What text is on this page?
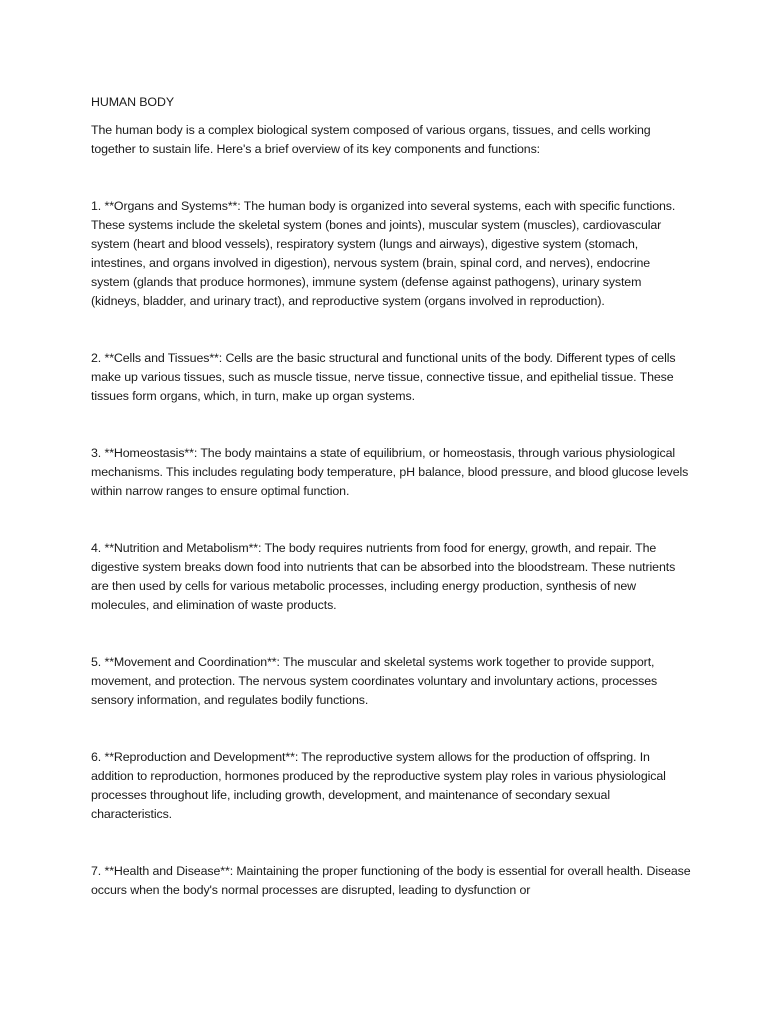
HUMAN BODY

The human body is a complex biological system composed of various organs, tissues, and cells working together to sustain life. Here's a brief overview of its key components and functions:

1. **Organs and Systems**: The human body is organized into several systems, each with specific functions. These systems include the skeletal system (bones and joints), muscular system (muscles), cardiovascular system (heart and blood vessels), respiratory system (lungs and airways), digestive system (stomach, intestines, and organs involved in digestion), nervous system (brain, spinal cord, and nerves), endocrine system (glands that produce hormones), immune system (defense against pathogens), urinary system (kidneys, bladder, and urinary tract), and reproductive system (organs involved in reproduction).

2. **Cells and Tissues**: Cells are the basic structural and functional units of the body. Different types of cells make up various tissues, such as muscle tissue, nerve tissue, connective tissue, and epithelial tissue. These tissues form organs, which, in turn, make up organ systems.

3. **Homeostasis**: The body maintains a state of equilibrium, or homeostasis, through various physiological mechanisms. This includes regulating body temperature, pH balance, blood pressure, and blood glucose levels within narrow ranges to ensure optimal function.

4. **Nutrition and Metabolism**: The body requires nutrients from food for energy, growth, and repair. The digestive system breaks down food into nutrients that can be absorbed into the bloodstream. These nutrients are then used by cells for various metabolic processes, including energy production, synthesis of new molecules, and elimination of waste products.

5. **Movement and Coordination**: The muscular and skeletal systems work together to provide support, movement, and protection. The nervous system coordinates voluntary and involuntary actions, processes sensory information, and regulates bodily functions.

6. **Reproduction and Development**: The reproductive system allows for the production of offspring. In addition to reproduction, hormones produced by the reproductive system play roles in various physiological processes throughout life, including growth, development, and maintenance of secondary sexual characteristics.

7. **Health and Disease**: Maintaining the proper functioning of the body is essential for overall health. Disease occurs when the body's normal processes are disrupted, leading to dysfunction or
